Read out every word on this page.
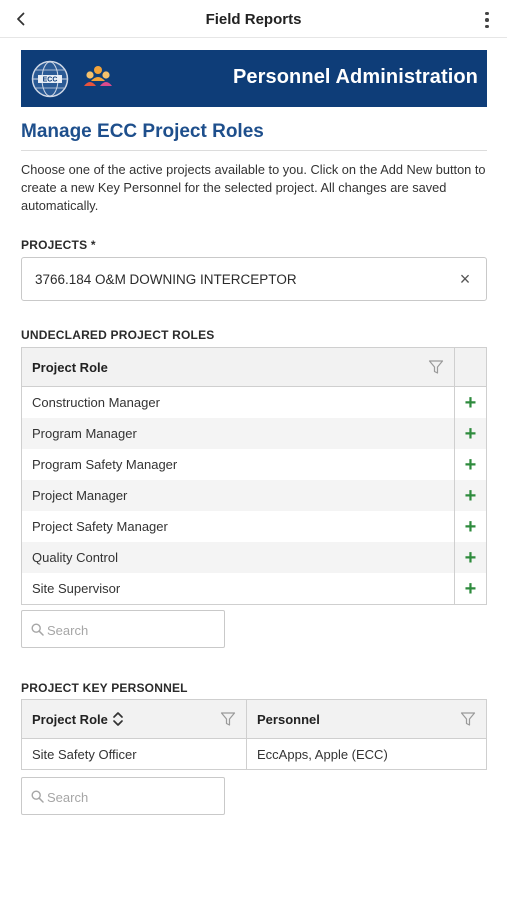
Field Reports
ECC	Personnel Administration
Manage ECC Project Roles
Choose one of the active projects available to you. Click on the Add New button to create a new Key Personnel for the selected project. All changes are saved automatically.
PROJECTS *
3766.184 O&M DOWNING INTERCEPTOR	×
UNDECLARED PROJECT ROLES
Project Role
Construction Manager	+
Program Manager	+
Program Safety Manager	+
Project Manager	+
Project Safety Manager	+
Quality Control	+
Site Supervisor	+
Search
PROJECT KEY PERSONNEL
Project Role	Personnel
Site Safety Officer	EccApps, Apple (ECC)
Search
